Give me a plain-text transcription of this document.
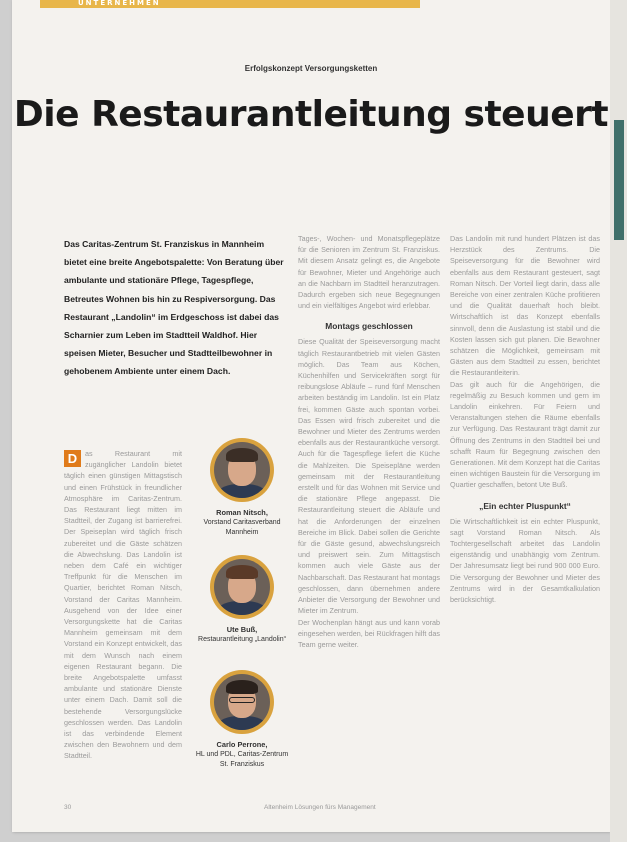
UNTERNEHMEN
Erfolgskonzept Versorgungsketten
Die Restaurantleitung steuert
Das Caritas-Zentrum St. Franziskus in Mannheim bietet eine breite Angebotspalette: Von Beratung über ambulante und stationäre Pflege, Tagespflege, Betreutes Wohnen bis hin zu Respiversorgung. Das Restaurant „Landolin“ im Erdgeschoss ist dabei das Scharnier zum Leben im Stadtteil Waldhof. Hier speisen Mieter, Besucher und Stadtteilbewohner in gehobenem Ambiente unter einem Dach.
D	as Restaurant mit zugänglicher Landolin bietet täglich einen günstigen Mittagstisch und einen Frühstück in freundlicher Atmosphäre im Caritas-Zentrum. Das Restaurant liegt mitten im Stadtteil, der Zugang ist barrierefrei. Der Speiseplan wird täglich frisch zubereitet und die Gäste schätzen die Abwechslung. Das Landolin ist neben dem Café ein wichtiger Treffpunkt für die Menschen im Quartier, berichtet Roman Nitsch, Vorstand der Caritas Mannheim. Ausgehend von der Idee einer Versorgungskette hat die Caritas Mannheim gemeinsam mit dem Vorstand ein Konzept entwickelt, das mit dem Wunsch nach einem eigenen Restaurant begann. Die breite Angebotspalette umfasst ambulante und stationäre Dienste unter einem Dach. Damit soll die bestehende Versorgungslücke geschlossen werden. Das Landolin ist das verbindende Element zwischen den Bewohnern und dem Stadtteil.
Roman Nitsch,
Vorstand Caritasverband Mannheim
Ute Buß,
Restaurantleitung „Landolin“
Carlo Perrone,
HL und PDL, Caritas-Zentrum St. Franziskus

Tages-, Wochen- und Monatspflegeplätze für die Senioren im Zentrum St. Franziskus. Mit diesem Ansatz gelingt es, die Angebote für Bewohner, Mieter und Angehörige auch an die Nachbarn im Stadtteil heranzutragen. Dadurch ergeben sich neue Begegnungen und ein vielfältiges Angebot wird erlebbar.

Montags geschlossen

Diese Qualität der Speiseversorgung macht täglich Restaurantbetrieb mit vielen Gästen möglich. Das Team aus Köchen, Küchenhilfen und Servicekräften sorgt für reibungslose Abläufe – rund fünf Menschen arbeiten beständig im Landolin. Ist ein Platz frei, kommen Gäste auch spontan vorbei. Das Essen wird frisch zubereitet und die Bewohner und Mieter des Zentrums werden ebenfalls aus der Restaurantküche versorgt. Auch für die Tagespflege liefert die Küche die Mahlzeiten. Die Speisepläne werden gemeinsam mit der Restaurantleitung erstellt und für das Wohnen mit Service und die stationäre Pflege angepasst. Die Restaurantleitung steuert die Abläufe und hat die Anforderungen der einzelnen Bereiche im Blick. Dabei sollen die Gerichte für die Gäste gesund, abwechslungsreich und preiswert sein. Zum Mittagstisch kommen auch viele Gäste aus der Nachbarschaft. Das Restaurant hat montags geschlossen, dann übernehmen andere Anbieter die Versorgung der Bewohner und Mieter im Zentrum.

Der Wochenplan hängt aus und kann vorab eingesehen werden, bei Rückfragen hilft das Team gerne weiter.

Das Landolin mit rund hundert Plätzen ist das Herzstück des Zentrums. Die Speiseversorgung für die Bewohner wird ebenfalls aus dem Restaurant gesteuert, sagt Roman Nitsch. Der Vorteil liegt darin, dass alle Bereiche von einer zentralen Küche profitieren und die Qualität dauerhaft hoch bleibt. Wirtschaftlich ist das Konzept ebenfalls sinnvoll, denn die Auslastung ist stabil und die Kosten lassen sich gut planen. Die Bewohner schätzen die Möglichkeit, gemeinsam mit Gästen aus dem Stadtteil zu essen, berichtet die Restaurantleiterin.

Das gilt auch für die Angehörigen, die regelmäßig zu Besuch kommen und gern im Landolin einkehren. Für Feiern und Veranstaltungen stehen die Räume ebenfalls zur Verfügung. Das Restaurant trägt damit zur Öffnung des Zentrums in den Stadtteil bei und schafft Raum für Begegnung zwischen den Generationen. Mit dem Konzept hat die Caritas einen wichtigen Baustein für die Versorgung im Quartier geschaffen, betont Ute Buß.

„Ein echter Pluspunkt“

Die Wirtschaftlichkeit ist ein echter Pluspunkt, sagt Vorstand Roman Nitsch. Als Tochtergesellschaft arbeitet das Landolin eigenständig und unabhängig vom Zentrum. Der Jahresumsatz liegt bei rund 900 000 Euro. Die Versorgung der Bewohner und Mieter des Zentrums wird in der Gesamtkalkulation berücksichtigt.

30	Altenheim Lösungen fürs Management
